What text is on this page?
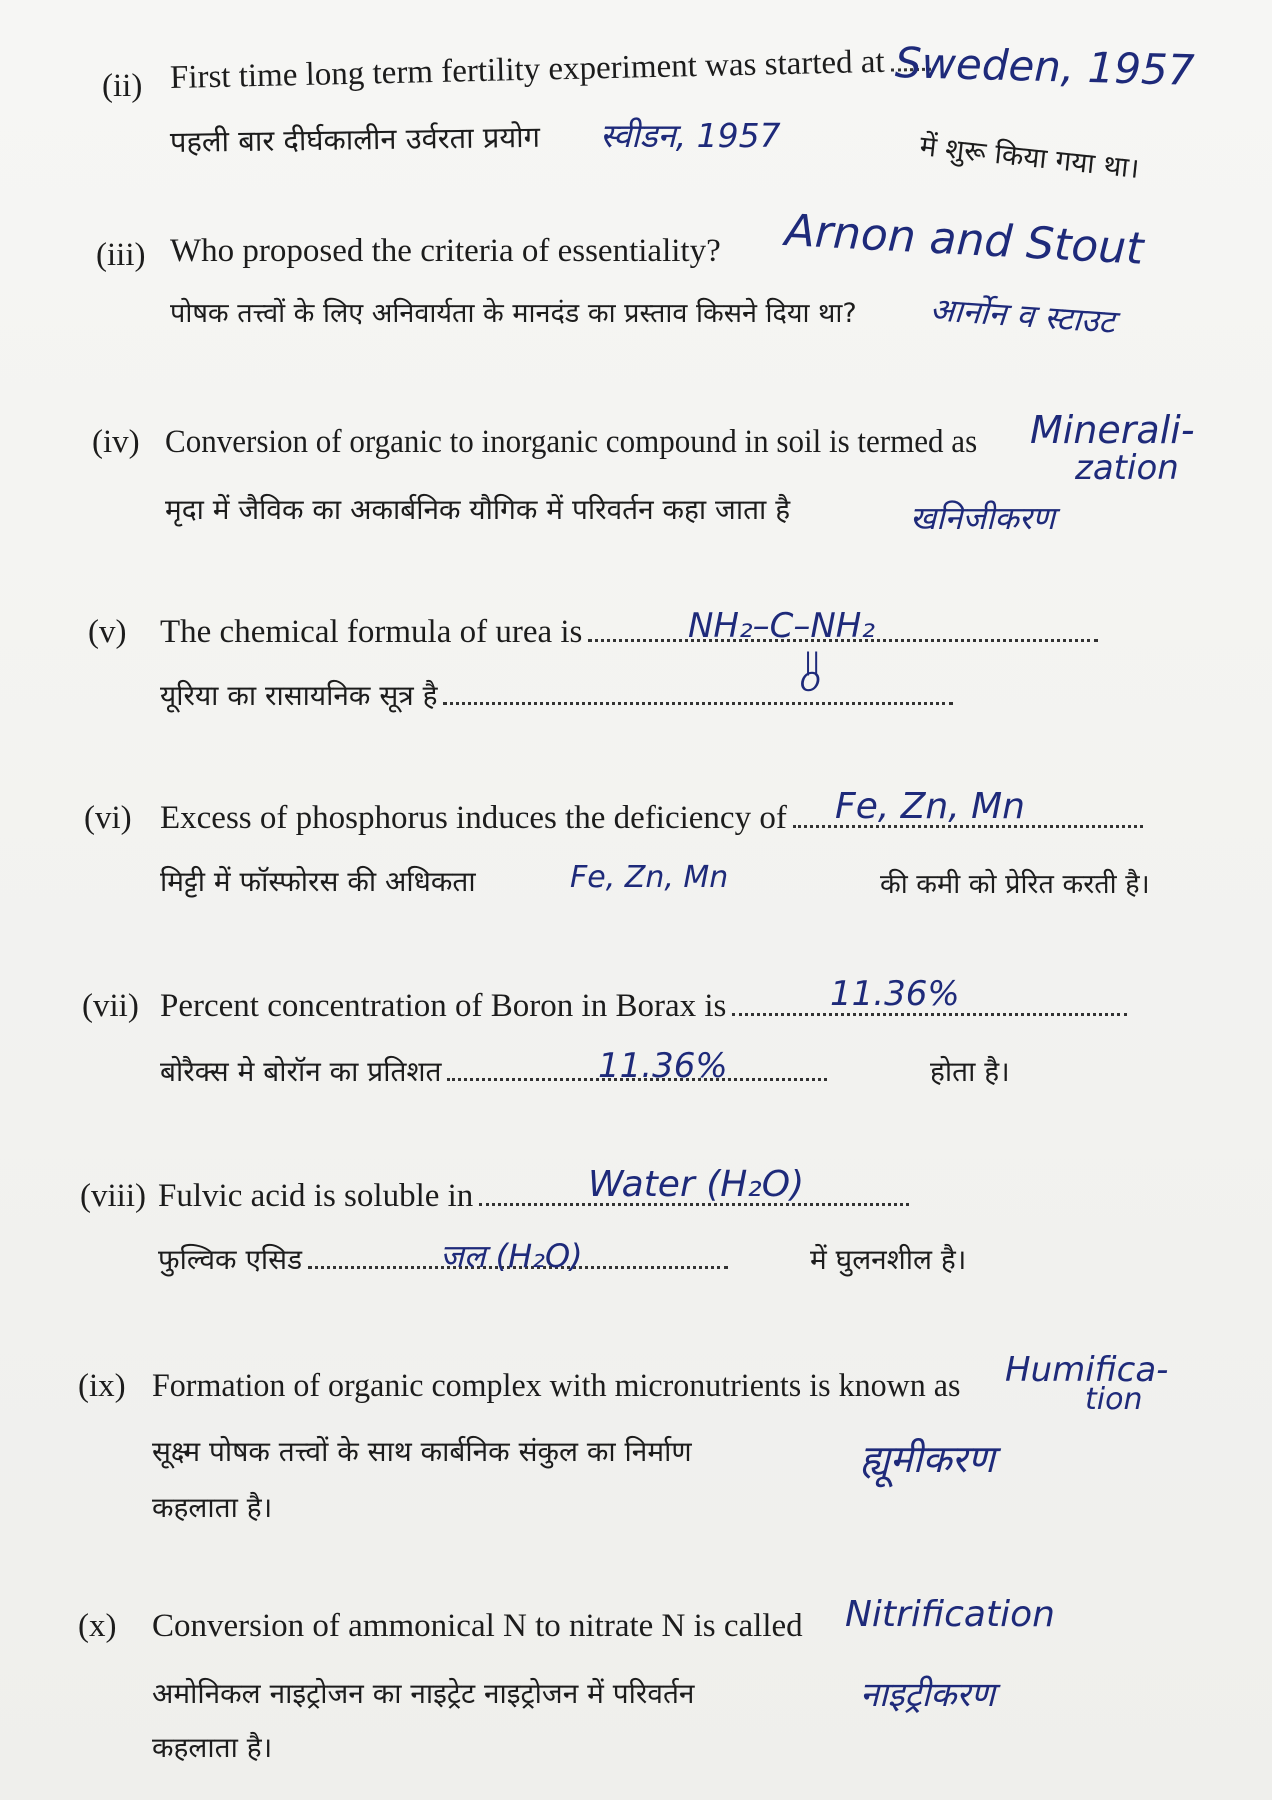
(ii) First time long term fertility experiment was started at Sweden, 1957
पहली बार दीर्घकालीन उर्वरता प्रयोग स्वीडन, 1957	में शुरू किया गया था।
(iii) Who proposed the criteria of essentiality? Arnon and Stout
पोषक तत्त्वों के लिए अनिवार्यता के मानदंड का प्रस्ताव किसने दिया था? आर्नोन व स्टाउट
(iv) Conversion of organic to inorganic compound in soil is termed as Minerali-
zation
मृदा में जैविक का अकार्बनिक यौगिक में परिवर्तन कहा जाता है	खनिजीकरण
(v) The chemical formula of urea is	NH₂–C–NH₂
||
O
यूरिया का रासायनिक सूत्र है
(vi) Excess of phosphorus induces the deficiency of	Fe, Zn, Mn
मिट्टी में फॉस्फोरस की अधिकता	Fe, Zn, Mn	की कमी को प्रेरित करती है।
(vii) Percent concentration of Boron in Borax is	11.36%
बोरैक्स मे बोरॉन का प्रतिशत	11.36%	होता है।
(viii) Fulvic acid is soluble in	Water (H₂O)
फुल्विक एसिड	जल (H₂O)	में घुलनशील है।
(ix) Formation of organic complex with micronutrients is known as Humifica-
tion
सूक्ष्म पोषक तत्त्वों के साथ कार्बनिक संकुल का निर्माण	ह्यूमीकरण
कहलाता है।
(x) Conversion of ammonical N to nitrate N is called Nitrification
अमोनिकल नाइट्रोजन का नाइट्रेट नाइट्रोजन में परिवर्तन	नाइट्रीकरण
कहलाता है।
